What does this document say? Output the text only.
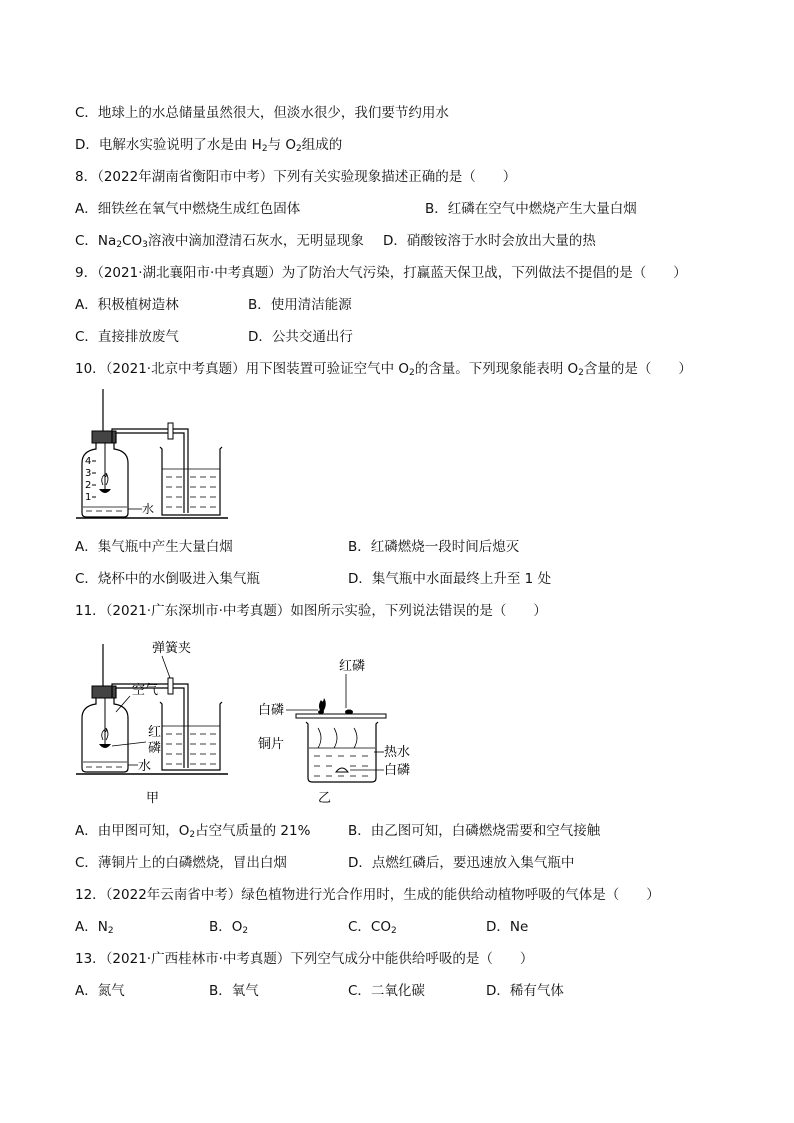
C．地球上的水总储量虽然很大，但淡水很少，我们要节约用水
D．电解水实验说明了水是由 $H_2$与 $O_2$组成的
8．（2022年湖南省衡阳市中考）下列有关实验现象描述正确的是（　　）
A．细铁丝在氧气中燃烧生成红色固体	B．红磷在空气中燃烧产生大量白烟
C．$Na_2CO_3$溶液中滴加澄清石灰水，无明显现象 D．硝酸铵溶于水时会放出大量的热
9．（2021·湖北襄阳市·中考真题）为了防治大气污染，打赢蓝天保卫战，下列做法不提倡的是（　　）
A．积极植树造林	B．使用清洁能源
C．直接排放废气	D．公共交通出行
10．（2021·北京中考真题）用下图装置可验证空气中 $O_2$的含量。下列现象能表明 $O_2$含量的是（　　）
4
3
2
1
水
A．集气瓶中产生大量白烟	B．红磷燃烧一段时间后熄灭
C．烧杯中的水倒吸进入集气瓶	D．集气瓶中水面最终上升至 1 处
11．（2021·广东深圳市·中考真题）如图所示实验，下列说法错误的是（　　）
弹簧夹
空气
红
磷
水
甲
红磷
白磷
铜片
热水
白磷
乙
A．由甲图可知，$O_2$占空气质量的 21%	B．由乙图可知，白磷燃烧需要和空气接触
C．薄铜片上的白磷燃烧，冒出白烟	D．点燃红磷后，要迅速放入集气瓶中
12．（2022年云南省中考）绿色植物进行光合作用时，生成的能供给动植物呼吸的气体是（　　）
A．$N_2$	B．$O_2$	C．$CO_2$	D．Ne
13．（2021·广西桂林市·中考真题）下列空气成分中能供给呼吸的是（　　）
A．氮气	B．氧气	C．二氧化碳	D．稀有气体
